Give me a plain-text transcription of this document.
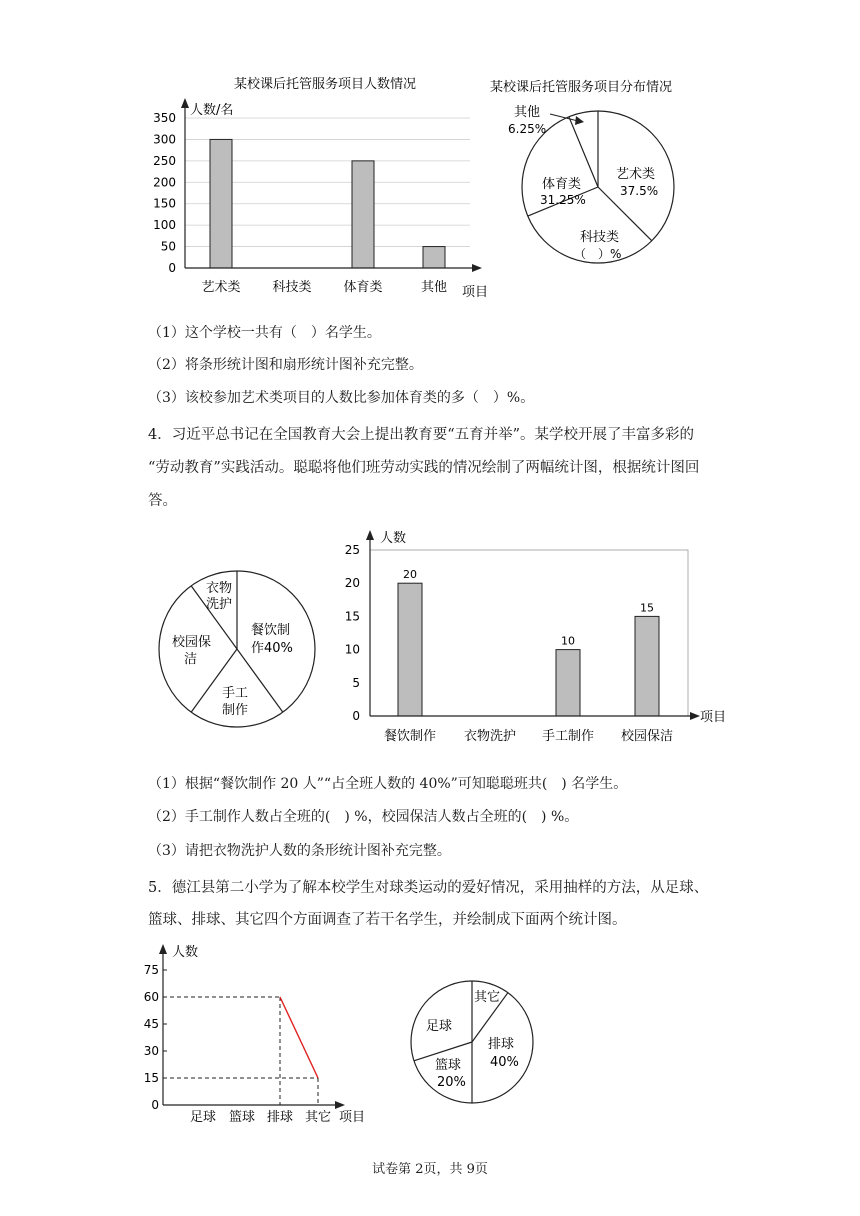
某校课后托管服务项目人数情况
0
50
100
150
200
250
300
350
艺术类 科技类 体育类	其他
人数/名
项目
某校课后托管服务项目分布情况
其他
6.25%
艺术类
37.5%
体育类
31.25%
科技类
（　）%
（1）这个学校一共有（　）名学生。
（2）将条形统计图和扇形统计图补充完整。
（3）该校参加艺术类项目的人数比参加体育类的多（　）%。
4．习近平总书记在全国教育大会上提出教育要“五育并举”。某学校开展了丰富多彩的
“劳动教育”实践活动。聪聪将他们班劳动实践的情况绘制了两幅统计图，根据统计图回
答。
衣物
洗护
餐饮制
作40%
校园保
洁
手工
制作	0
5
10
15
20
25
20
10
15
餐饮制作 衣物洗护 手工制作 校园保洁
人数
项目
（1）根据“餐饮制作 20 人”“占全班人数的 40%”可知聪聪班共(　) 名学生。
（2）手工制作人数占全班的(　) %，校园保洁人数占全班的(　) %。
（3）请把衣物洗护人数的条形统计图补充完整。
5．德江县第二小学为了解本校学生对球类运动的爱好情况，采用抽样的方法，从足球、
篮球、排球、其它四个方面调查了若干名学生，并绘制成下面两个统计图。
0
15
30
45
60
75
足球 篮球 排球 其它
人数
项目
其它
足球
排球
40%
篮球
20%
试卷第 2页，共 9页
